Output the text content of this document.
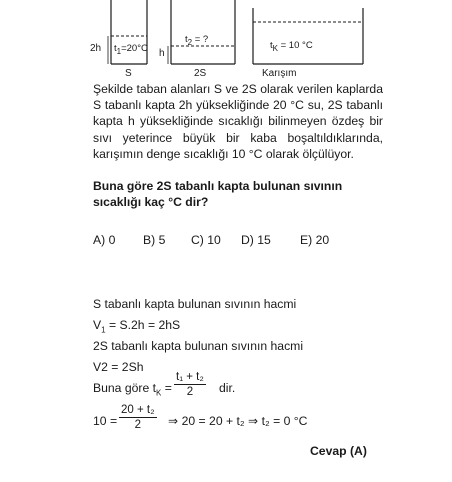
2h $t_1=20^\circ C$ h
$t_2$ = ?
$t_K = 10$ °C
S	2S	Karışım
Şekilde taban alanları S ve 2S olarak verilen kaplarda S tabanlı kapta 2h yüksekliğinde 20 °C su, 2S tabanlı kapta h yüksekliğinde sıcaklığı bilinmeyen özdeş bir sıvı yeterince büyük bir kaba boşaltıldıklarında, karışımın denge sıcaklığı 10 °C olarak ölçülüyor.
Buna göre 2S tabanlı kapta bulunan sıvının sıcaklığı kaç °C dir?
A) 0 B) 5 C) 10 D) 15 E) 20
S tabanlı kapta bulunan sıvının hacmi
$V_1 = S.2h = 2hS$
2S tabanlı kapta bulunan sıvının hacmi
V2 = 2Sh
Buna göre $t_K = \frac{\text{t₁ + t₂}}{2}$ dir.
$10 = \frac{\text{20 + t₂}}{2}$ ⇒ 20 = 20 + t₂ ⇒ t₂ = 0 °C
Cevap (A)
